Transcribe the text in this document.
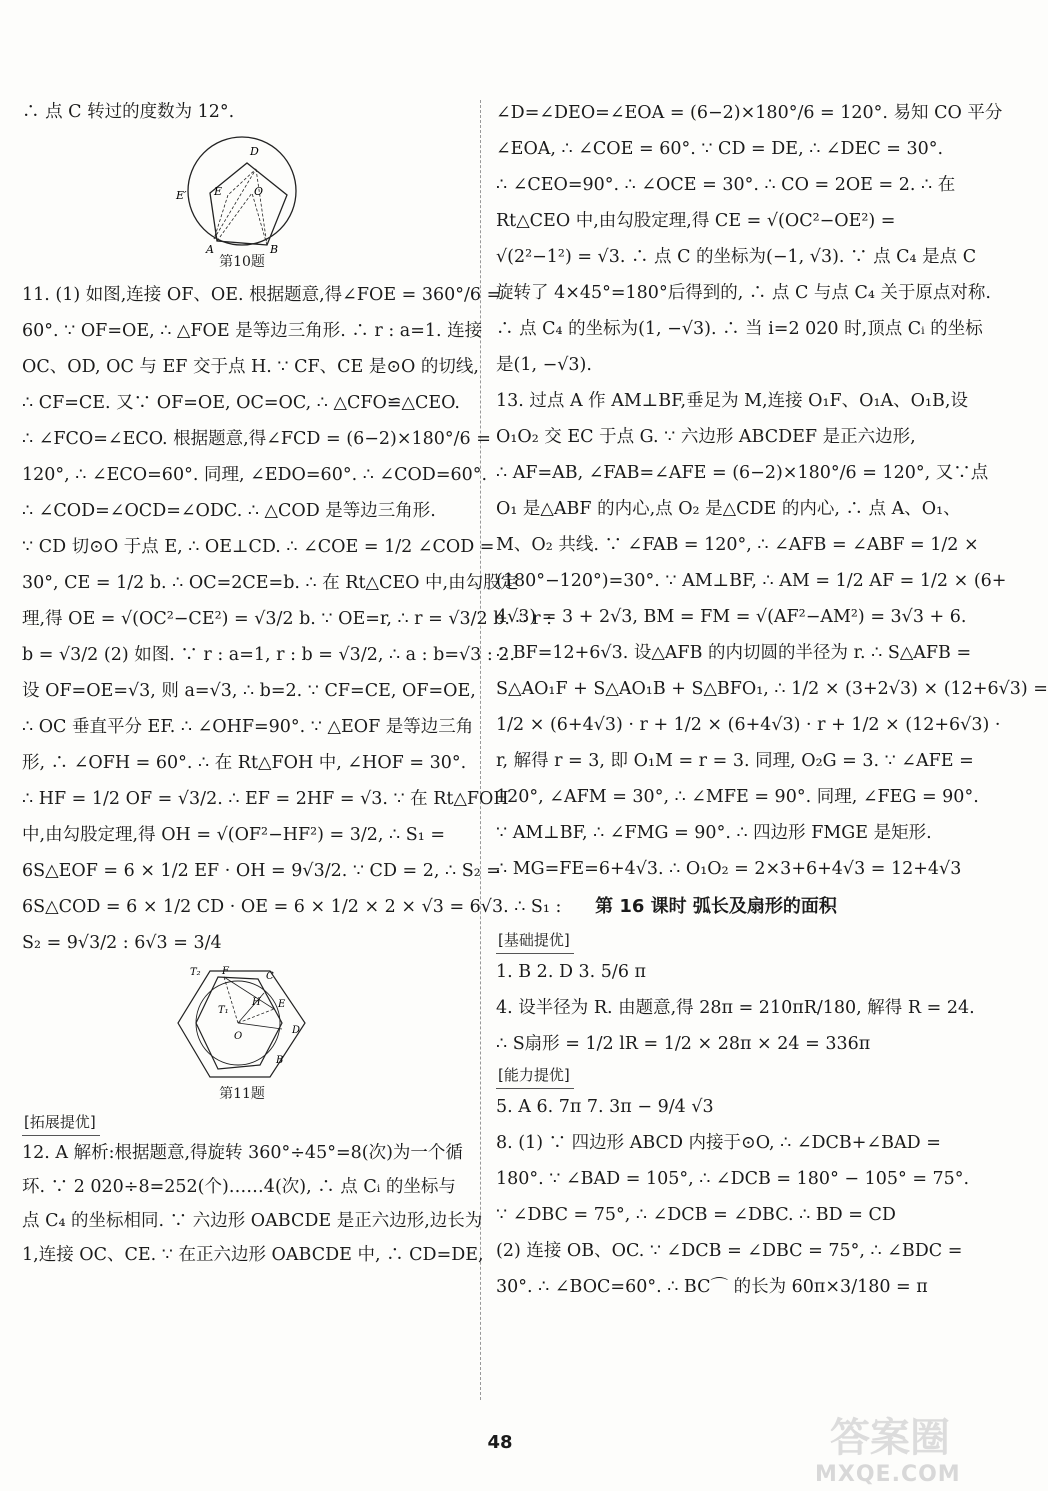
∴ 点 C 转过的度数为 12°.
D
E′ E	O
A	B
第10题
11. (1) 如图,连接 OF、OE. 根据题意,得∠FOE = 360°/6 =
60°. ∵ OF=OE, ∴ △FOE 是等边三角形. ∴ r : a=1. 连接
OC、OD, OC 与 EF 交于点 H. ∵ CF、CE 是⊙O 的切线,
∴ CF=CE. 又∵ OF=OE, OC=OC, ∴ △CFO≌△CEO.
∴ ∠FCO=∠ECO. 根据题意,得∠FCD = (6−2)×180°/6 =
120°, ∴ ∠ECO=60°. 同理, ∠EDO=60°. ∴ ∠COD=60°.
∴ ∠COD=∠OCD=∠ODC. ∴ △COD 是等边三角形.
∵ CD 切⊙O 于点 E, ∴ OE⊥CD. ∴ ∠COE = 1/2 ∠COD =
30°, CE = 1/2 b. ∴ OC=2CE=b. ∴ 在 Rt△CEO 中,由勾股定
理,得 OE = √(OC²−CE²) = √3/2 b. ∵ OE=r, ∴ r = √3/2 b. ∴ r :
b = √3/2 (2) 如图. ∵ r : a=1, r : b = √3/2, ∴ a : b=√3 : 2.
设 OF=OE=√3, 则 a=√3, ∴ b=2. ∵ CF=CE, OF=OE,
∴ OC 垂直平分 EF. ∴ ∠OHF=90°. ∵ △EOF 是等边三角
形, ∴ ∠OFH = 60°. ∴ 在 Rt△FOH 中, ∠HOF = 30°.
∴ HF = 1/2 OF = √3/2. ∴ EF = 2HF = √3. ∵ 在 Rt△FOH
中,由勾股定理,得 OH = √(OF²−HF²) = 3/2, ∴ S₁ =
6S△EOF = 6 × 1/2 EF · OH = 9√3/2. ∵ CD = 2, ∴ S₂ =
6S△COD = 6 × 1/2 CD · OE = 6 × 1/2 × 2 × √3 = 6√3. ∴ S₁ :
S₂ = 9√3/2 : 6√3 = 3/4
T₂ F	C
H E
T₁
O
D
B
第11题
[拓展提优]
12. A 解析:根据题意,得旋转 360°÷45°=8(次)为一个循
环. ∵ 2 020÷8=252(个)……4(次), ∴ 点 Cᵢ 的坐标与
点 C₄ 的坐标相同. ∵ 六边形 OABCDE 是正六边形,边长为
1,连接 OC、CE. ∵ 在正六边形 OABCDE 中, ∴ CD=DE,
∠D=∠DEO=∠EOA = (6−2)×180°/6 = 120°. 易知 CO 平分
∠EOA, ∴ ∠COE = 60°. ∵ CD = DE, ∴ ∠DEC = 30°.
∴ ∠CEO=90°. ∴ ∠OCE = 30°. ∴ CO = 2OE = 2. ∴ 在
Rt△CEO 中,由勾股定理,得 CE = √(OC²−OE²) =
√(2²−1²) = √3. ∴ 点 C 的坐标为(−1, √3). ∵ 点 C₄ 是点 C
旋转了 4×45°=180°后得到的, ∴ 点 C 与点 C₄ 关于原点对称.
∴ 点 C₄ 的坐标为(1, −√3). ∴ 当 i=2 020 时,顶点 Cᵢ 的坐标
是(1, −√3).
13. 过点 A 作 AM⊥BF,垂足为 M,连接 O₁F、O₁A、O₁B,设
O₁O₂ 交 EC 于点 G. ∵ 六边形 ABCDEF 是正六边形,
∴ AF=AB, ∠FAB=∠AFE = (6−2)×180°/6 = 120°, 又∵点
O₁ 是△ABF 的内心,点 O₂ 是△CDE 的内心, ∴ 点 A、O₁、
M、O₂ 共线. ∵ ∠FAB = 120°, ∴ ∠AFB = ∠ABF = 1/2 ×
(180°−120°)=30°. ∵ AM⊥BF, ∴ AM = 1/2 AF = 1/2 × (6+
4√3) = 3 + 2√3, BM = FM = √(AF²−AM²) = 3√3 + 6.
∴ BF=12+6√3. 设△AFB 的内切圆的半径为 r. ∴ S△AFB =
S△AO₁F + S△AO₁B + S△BFO₁, ∴ 1/2 × (3+2√3) × (12+6√3) =
1/2 × (6+4√3) · r + 1/2 × (6+4√3) · r + 1/2 × (12+6√3) ·
r, 解得 r = 3, 即 O₁M = r = 3. 同理, O₂G = 3. ∵ ∠AFE =
120°, ∠AFM = 30°, ∴ ∠MFE = 90°. 同理, ∠FEG = 90°.
∵ AM⊥BF, ∴ ∠FMG = 90°. ∴ 四边形 FMGE 是矩形.
∴ MG=FE=6+4√3. ∴ O₁O₂ = 2×3+6+4√3 = 12+4√3
第 16 课时 弧长及扇形的面积
[基础提优]
1. B 2. D 3. 5/6 π
4. 设半径为 R. 由题意,得 28π = 210πR/180, 解得 R = 24.
∴ S扇形 = 1/2 lR = 1/2 × 28π × 24 = 336π
[能力提优]
5. A 6. 7π 7. 3π − 9/4 √3
8. (1) ∵ 四边形 ABCD 内接于⊙O, ∴ ∠DCB+∠BAD =
180°. ∵ ∠BAD = 105°, ∴ ∠DCB = 180° − 105° = 75°.
∵ ∠DBC = 75°, ∴ ∠DCB = ∠DBC. ∴ BD = CD
(2) 连接 OB、OC. ∵ ∠DCB = ∠DBC = 75°, ∴ ∠BDC =
30°. ∴ ∠BOC=60°. ∴ BC⌒ 的长为 60π×3/180 = π
48	答案圈
MXQE.COM
